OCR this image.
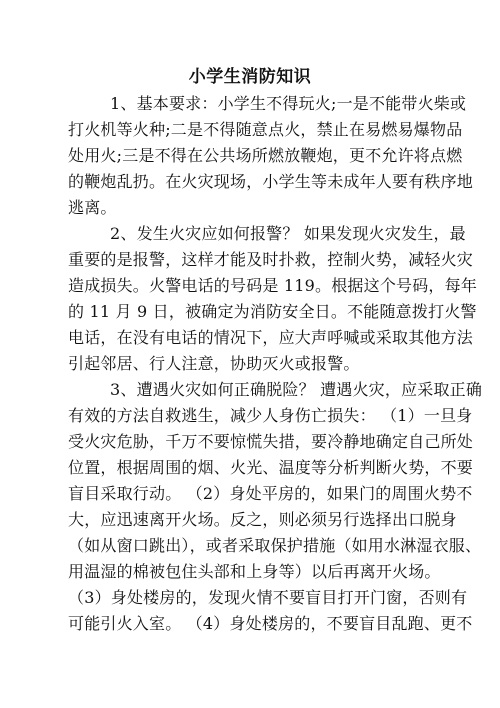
小学生消防知识
1、基本要求：小学生不得玩火;一是不能带火柴或
打火机等火种;二是不得随意点火，禁止在易燃易爆物品
处用火;三是不得在公共场所燃放鞭炮，更不允许将点燃
的鞭炮乱扔。在火灾现场，小学生等未成年人要有秩序地
逃离。
2、发生火灾应如何报警？ 如果发现火灾发生，最
重要的是报警，这样才能及时扑救，控制火势，减轻火灾
造成损失。火警电话的号码是 119。根据这个号码，每年
的 11 月 9 日，被确定为消防安全日。不能随意拨打火警
电话，在没有电话的情况下，应大声呼喊或采取其他方法
引起邻居、行人注意，协助灭火或报警。
3、遭遇火灾如何正确脱险？ 遭遇火灾，应采取正确
有效的方法自救逃生，减少人身伤亡损失： （1）一旦身
受火灾危胁，千万不要惊慌失措，要冷静地确定自己所处
位置，根据周围的烟、火光、温度等分析判断火势，不要
盲目采取行动。 （2）身处平房的，如果门的周围火势不
大，应迅速离开火场。反之，则必须另行选择出口脱身
（如从窗口跳出），或者采取保护措施（如用水淋湿衣服、
用温湿的棉被包住头部和上身等）以后再离开火场。
（3）身处楼房的，发现火情不要盲目打开门窗，否则有
可能引火入室。 （4）身处楼房的，不要盲目乱跑、更不
